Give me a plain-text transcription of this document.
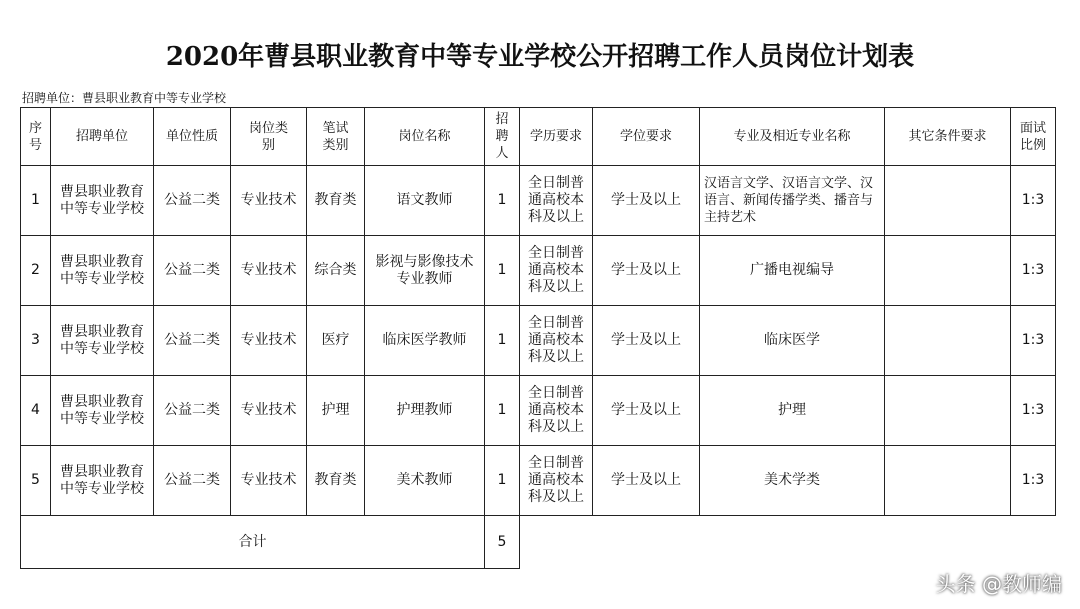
2020年曹县职业教育中等专业学校公开招聘工作人员岗位计划表
招聘单位：曹县职业教育中等专业学校
序号	招聘单位	单位性质	岗位类别	笔试类别	岗位名称	招聘人	学历要求	学位要求	专业及相近专业名称	其它条件要求	面试比例
1	曹县职业教育中等专业学校	公益二类	专业技术	教育类	语文教师	1	全日制普通高校本科及以上	学士及以上	汉语言文学、汉语言文学、汉语言、新闻传播学类、播音与主持艺术		1:3
2	曹县职业教育中等专业学校	公益二类	专业技术	综合类	影视与影像技术专业教师	1	全日制普通高校本科及以上	学士及以上	广播电视编导		1:3
3	曹县职业教育中等专业学校	公益二类	专业技术	医疗	临床医学教师	1	全日制普通高校本科及以上	学士及以上	临床医学		1:3
4	曹县职业教育中等专业学校	公益二类	专业技术	护理	护理教师	1	全日制普通高校本科及以上	学士及以上	护理		1:3
5	曹县职业教育中等专业学校	公益二类	专业技术	教育类	美术教师	1	全日制普通高校本科及以上	学士及以上	美术学类		1:3
合计						5					
头条 @教师编
